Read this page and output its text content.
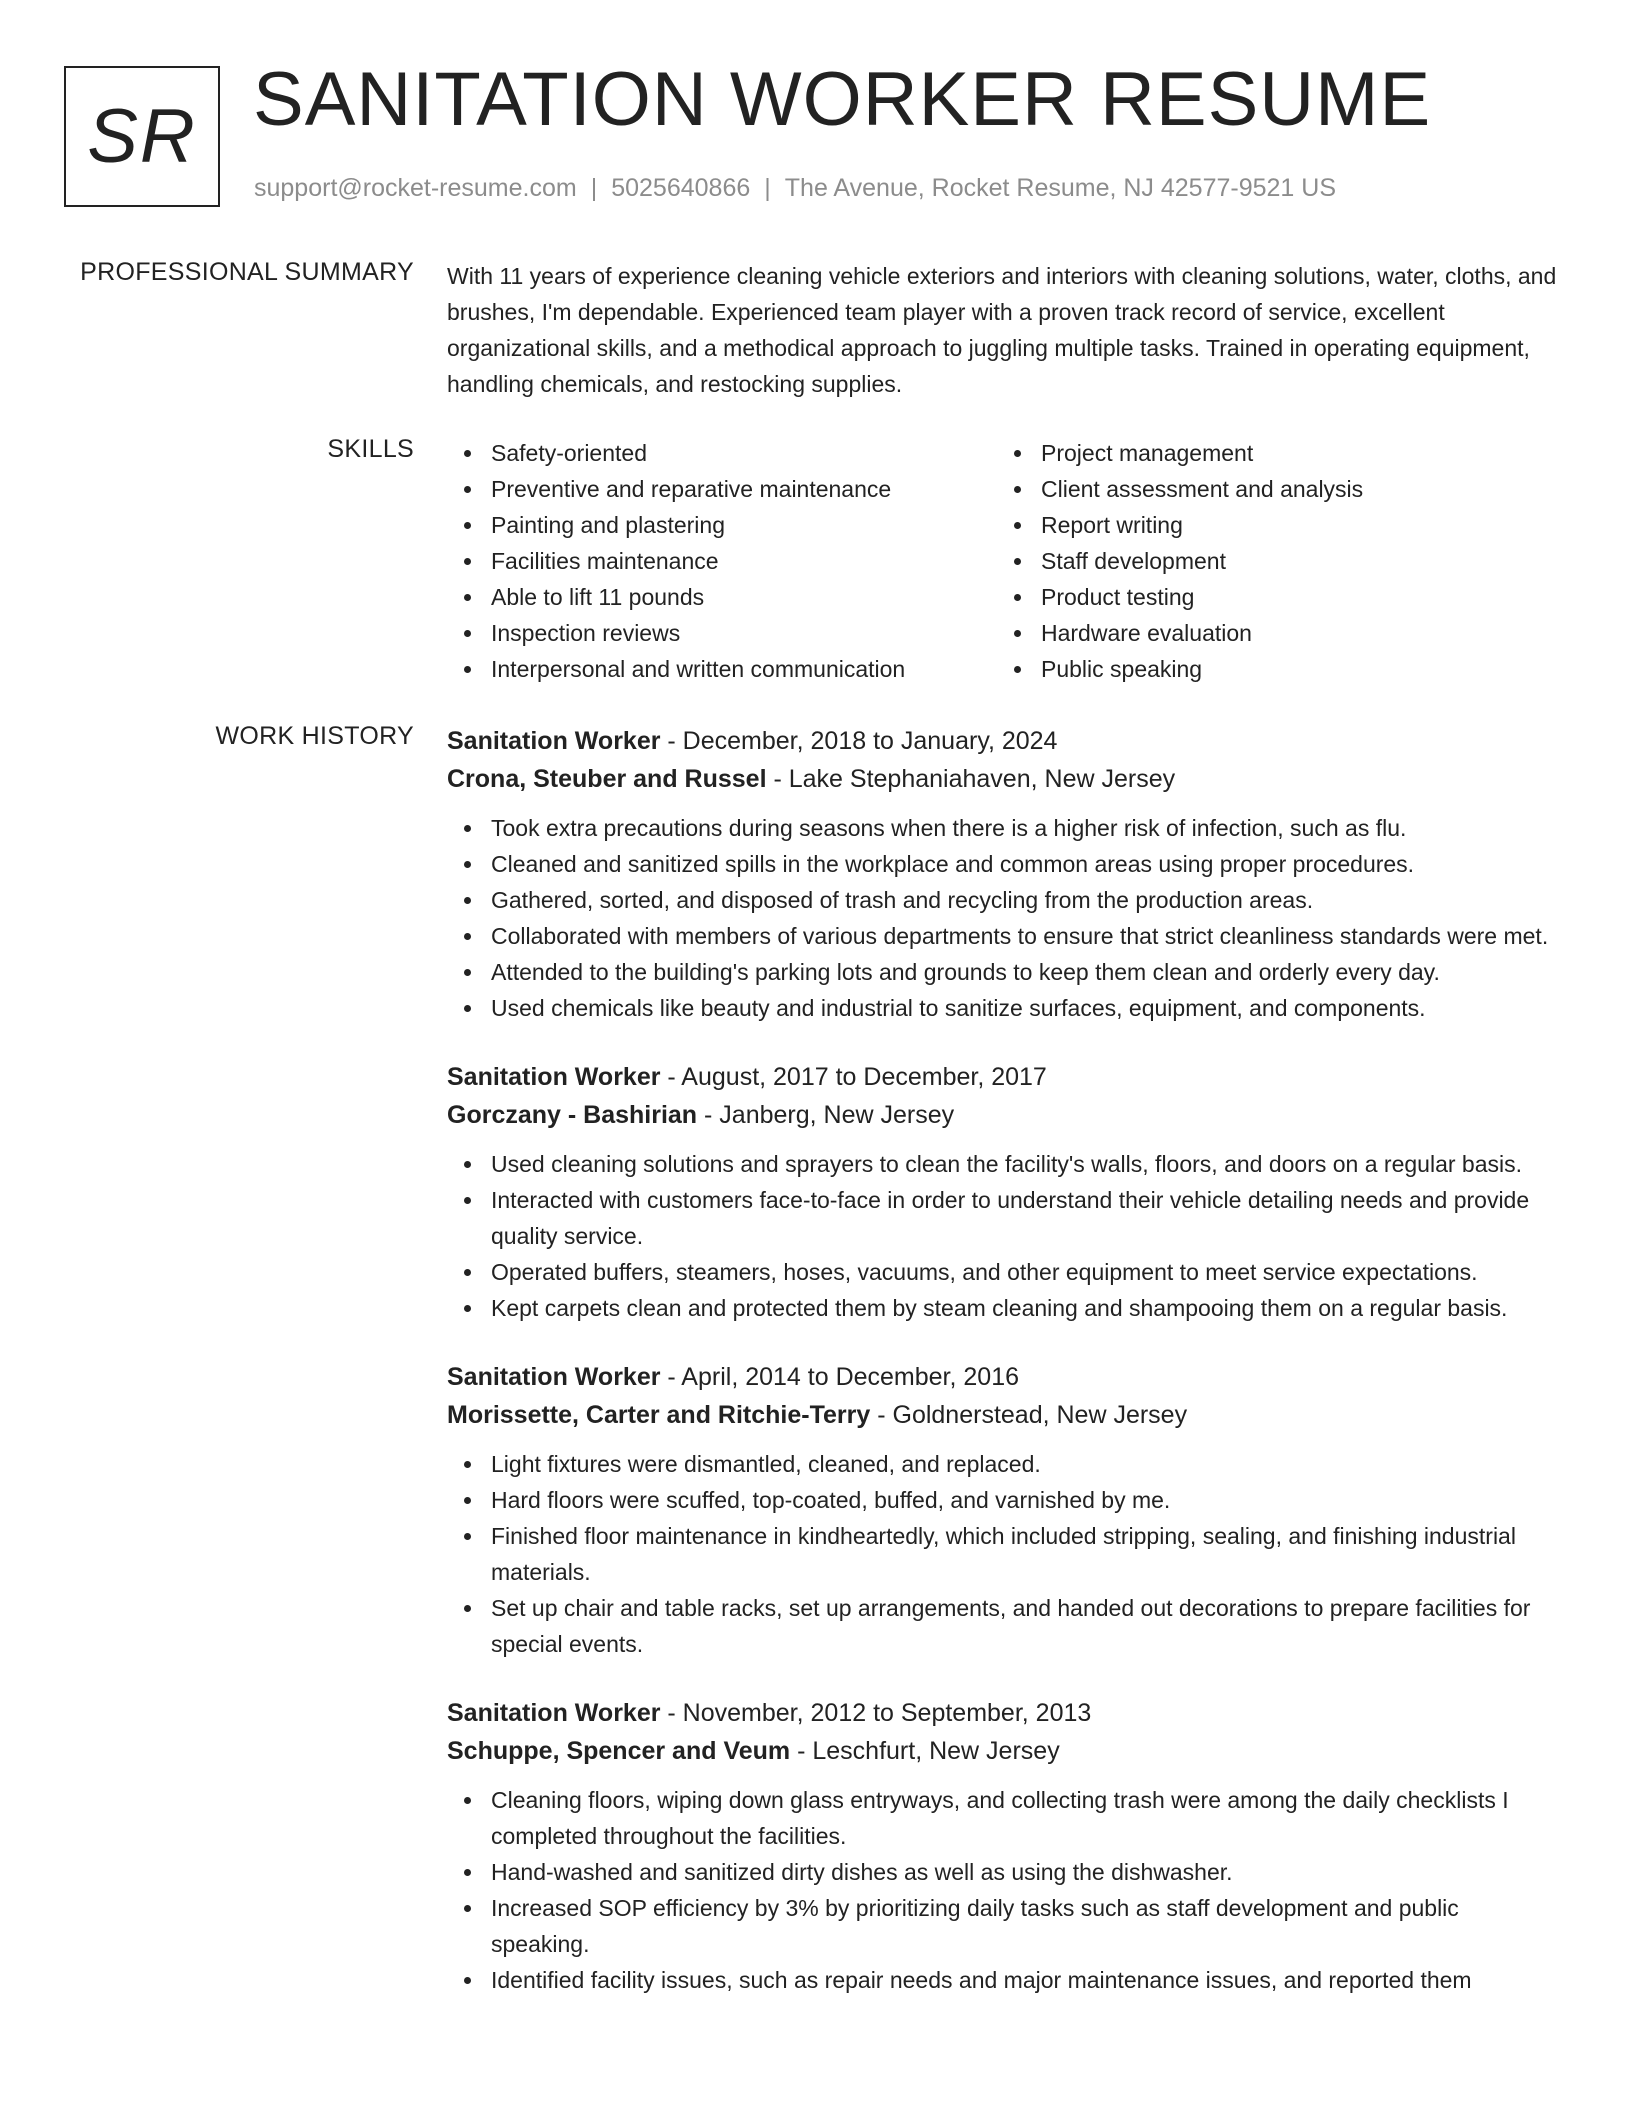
SR SANITATION WORKER RESUME
support@rocket-resume.com | 5025640866 | The Avenue, Rocket Resume, NJ 42577-9521 US
PROFESSIONAL SUMMARY With 11 years of experience cleaning vehicle exteriors and interiors with cleaning solutions, water, cloths, and brushes, I'm dependable. Experienced team player with a proven track record of service, excellent organizational skills, and a methodical approach to juggling multiple tasks. Trained in operating equipment, handling chemicals, and restocking supplies.

SKILLS	Safety-oriented
Preventive and reparative maintenance
Painting and plastering
Facilities maintenance
Able to lift 11 pounds
Inspection reviews
Interpersonal and written communication
Project management
Client assessment and analysis
Report writing
Staff development
Product testing
Hardware evaluation
Public speaking
WORK HISTORY Sanitation Worker - December, 2018 to January, 2024
Crona, Steuber and Russel - Lake Stephaniahaven, New Jersey
Took extra precautions during seasons when there is a higher risk of infection, such as flu.
Cleaned and sanitized spills in the workplace and common areas using proper procedures.
Gathered, sorted, and disposed of trash and recycling from the production areas.
Collaborated with members of various departments to ensure that strict cleanliness standards were met.
Attended to the building's parking lots and grounds to keep them clean and orderly every day.
Used chemicals like beauty and industrial to sanitize surfaces, equipment, and components.
Sanitation Worker - August, 2017 to December, 2017
Gorczany - Bashirian - Janberg, New Jersey
Used cleaning solutions and sprayers to clean the facility's walls, floors, and doors on a regular basis.
Interacted with customers face-to-face in order to understand their vehicle detailing needs and provide quality service.
Operated buffers, steamers, hoses, vacuums, and other equipment to meet service expectations.
Kept carpets clean and protected them by steam cleaning and shampooing them on a regular basis.
Sanitation Worker - April, 2014 to December, 2016
Morissette, Carter and Ritchie-Terry - Goldnerstead, New Jersey
Light fixtures were dismantled, cleaned, and replaced.
Hard floors were scuffed, top-coated, buffed, and varnished by me.
Finished floor maintenance in kindheartedly, which included stripping, sealing, and finishing industrial materials.
Set up chair and table racks, set up arrangements, and handed out decorations to prepare facilities for special events.
Sanitation Worker - November, 2012 to September, 2013
Schuppe, Spencer and Veum - Leschfurt, New Jersey
Cleaning floors, wiping down glass entryways, and collecting trash were among the daily checklists I completed throughout the facilities.
Hand-washed and sanitized dirty dishes as well as using the dishwasher.
Increased SOP efficiency by 3% by prioritizing daily tasks such as staff development and public speaking.
Identified facility issues, such as repair needs and major maintenance issues, and reported them
